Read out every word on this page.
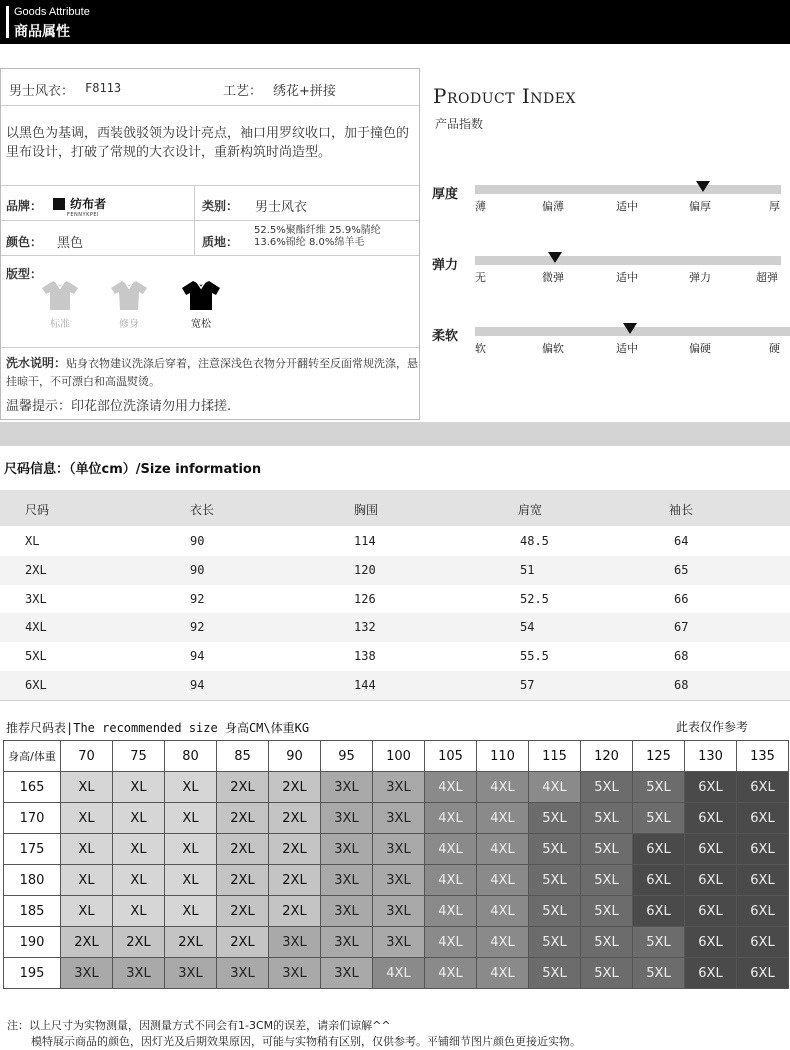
Goods Attribute
商品属性
男士风衣： F8113	工艺： 绣花+拼接
以黑色为基调，西装戗驳领为设计亮点，袖口用罗纹收口，加于撞色的里布设计，打破了常规的大衣设计，重新构筑时尚造型。
品牌：	纺布者
FENNYKPEI
类别： 男士风衣
颜色： 黑色	质地：
52.5%聚酯纤维 25.9%腈纶
13.6%锦纶 8.0%绵羊毛
版型：
标准	修身	宽松
洗水说明：贴身衣物建议洗涤后穿着，注意深浅色衣物分开翻转至反面常规洗涤，悬挂晾干，不可漂白和高温熨烫。
温馨提示：印花部位洗涤请勿用力揉搓.
Product Index
产品指数
厚度
薄	偏薄	适中	偏厚	厚
弹力
无	微弹	适中	弹力	超弹
柔软
软	偏软	适中	偏硬	硬
尺码信息：（单位cm）/Size information
尺码	衣长	胸围	肩宽	袖长
XL	90	114	48.5	64
2XL	90	120	51	65
3XL	92	126	52.5	66
4XL	92	132	54	67
5XL	94	138	55.5	68
6XL	94	144	57	68
推荐尺码表|The recommended size 身高CM\体重KG	此表仅作参考
身高/体重	70	75	80	85	90	95	100	105	110	115	120	125	130	135
165	XL	XL	XL	2XL	2XL	3XL	3XL	4XL	4XL	4XL	5XL	5XL	6XL	6XL
170	XL	XL	XL	2XL	2XL	3XL	3XL	4XL	4XL	5XL	5XL	5XL	6XL	6XL
175	XL	XL	XL	2XL	2XL	3XL	3XL	4XL	4XL	5XL	5XL	6XL	6XL	6XL
180	XL	XL	XL	2XL	2XL	3XL	3XL	4XL	4XL	5XL	5XL	6XL	6XL	6XL
185	XL	XL	XL	2XL	2XL	3XL	3XL	4XL	4XL	5XL	5XL	6XL	6XL	6XL
190	2XL	2XL	2XL	2XL	3XL	3XL	3XL	4XL	4XL	5XL	5XL	5XL	6XL	6XL
195	3XL	3XL	3XL	3XL	3XL	3XL	4XL	4XL	4XL	5XL	5XL	5XL	6XL	6XL
注：以上尺寸为实物测量，因测量方式不同会有1-3CM的误差，请亲们谅解^^
模特展示商品的颜色，因灯光及后期效果原因，可能与实物稍有区别，仅供参考。平铺细节图片颜色更接近实物。
